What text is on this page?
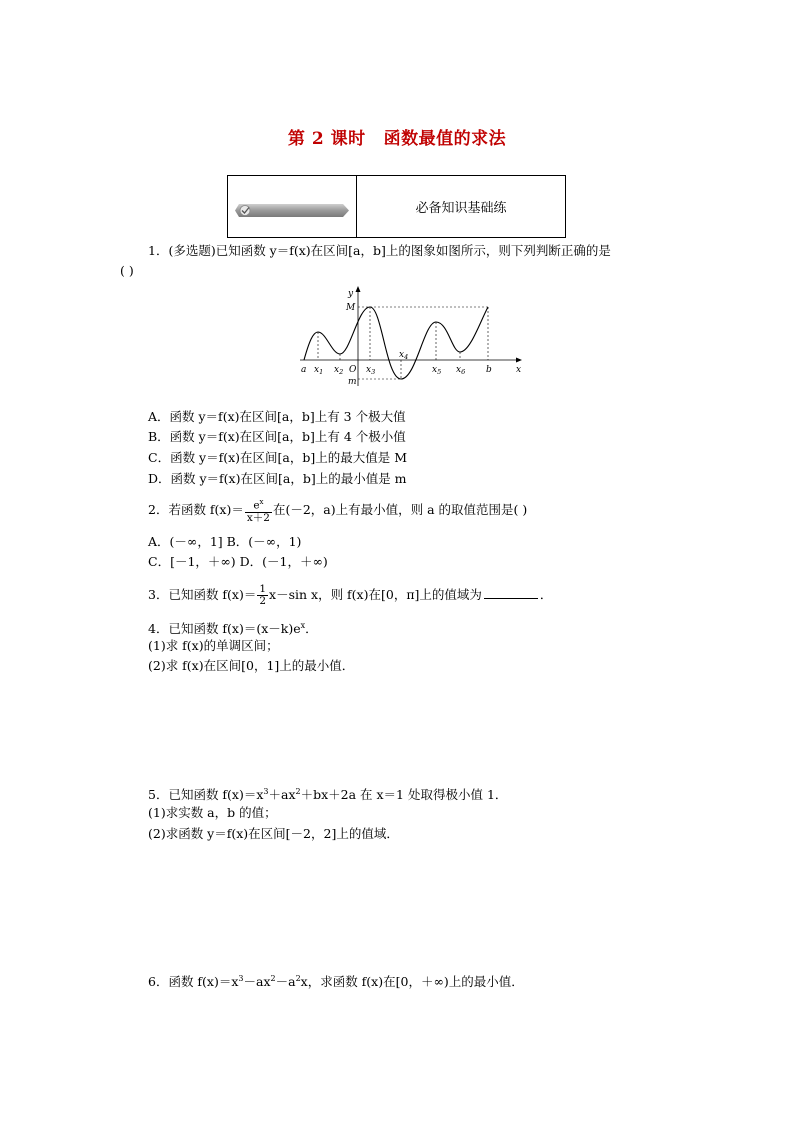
第 2 课时 函数最值的求法
必备知识基础练
1．(多选题)已知函数 y＝f(x)在区间[a，b]上的图象如图所示，则下列判断正确的是
( )
y
x
M
m
O
a	b
$x_1$ $x_2$	$x_3$
$x_4$
$x_5$ $x_6$
A．函数 y＝f(x)在区间[a，b]上有 3 个极大值
B．函数 y＝f(x)在区间[a，b]上有 4 个极小值
C．函数 y＝f(x)在区间[a，b]上的最大值是 M
D．函数 y＝f(x)在区间[a，b]上的最小值是 m
2．若函数 $f(x)= \frac{e^x}{x+2}$ 在(－2，a)上有最小值，则 a 的取值范围是( )
A．(－∞，1] B．(－∞，1)
C．[－1，＋∞) D．(－1，＋∞)
3．已知函数 $f(x)= \frac{1}{2} x-\sin$ x，则 f(x)在[0，π]上的值域为	．
4．已知函数 $f(x)=(x-k)e^x$．
(1)求 f(x)的单调区间；
(2)求 f(x)在区间[0，1]上的最小值．
5．已知函数 $f(x)=x^3+ax^2+bx+2a$ 在 x＝1 处取得极小值 1．
(1)求实数 a，b 的值；
(2)求函数 y＝f(x)在区间[－2，2]上的值域．
6．函数 $f(x)=x^3-ax^2-a^2x$，求函数 f(x)在[0，＋∞)上的最小值．
